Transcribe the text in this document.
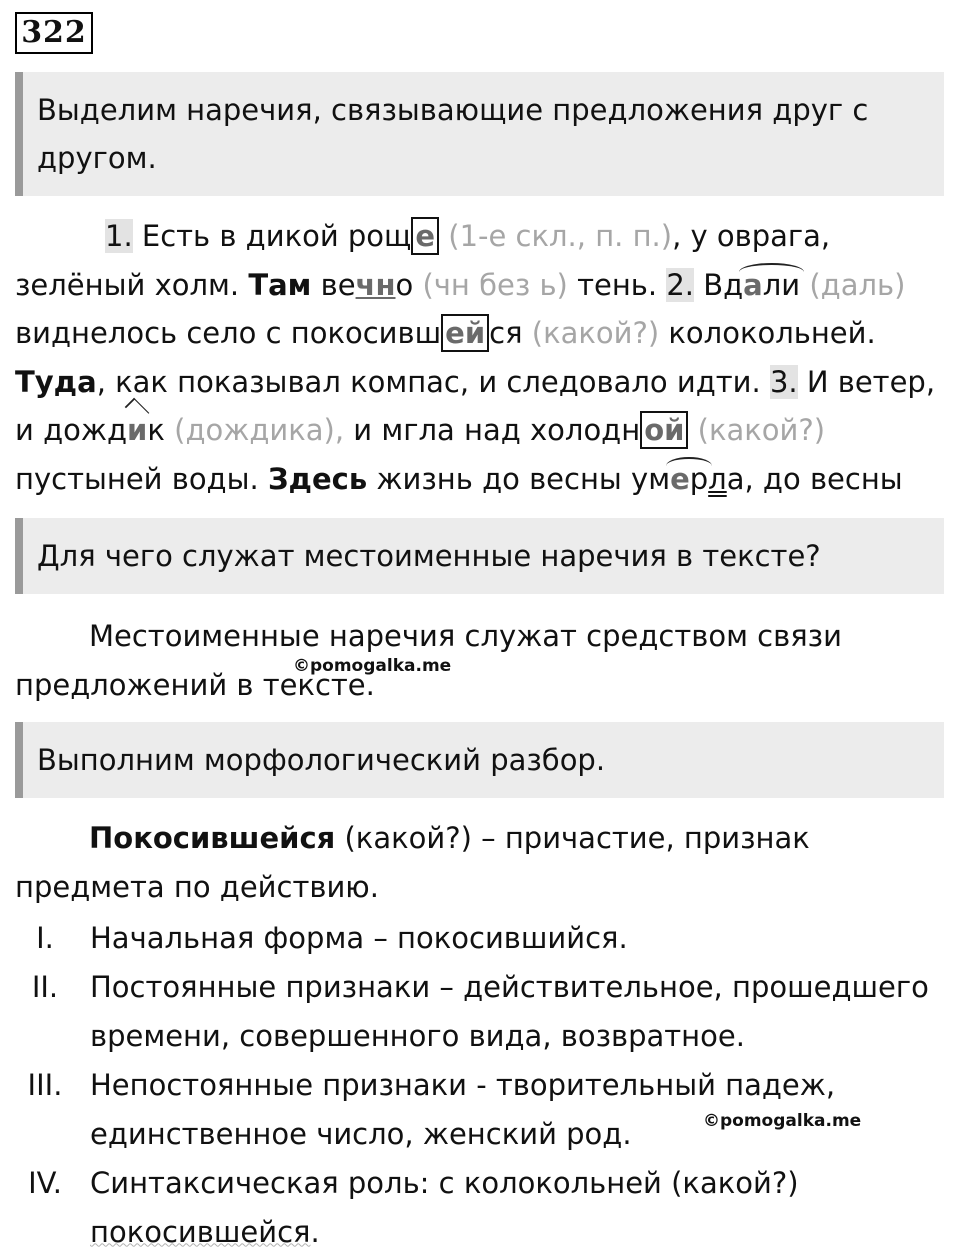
322
Выделим наречия, связывающие предложения друг с другом.
1. Есть в дикой рощ е (1-е скл., п. п.), у оврага, зелёный холм. Там вечно (чн без ь) тень. 2. Вдали (даль) виднелось село с покосивш ей ся (какой?) колокольней. Туда, как показывал компас, и следовало идти. 3. И ветер, и дождик (дождика), и мгла над холодн ой (какой?) пустыней воды. Здесь жизнь до весны умерла, до весны
Для чего служат местоименные наречия в тексте?
Местоименные наречия служат средством связи предложений в тексте.
©pomogalka.me
Выполним морфологический разбор.
Покосившейся (какой?) – причастие, признак предмета по действию.
I.	Начальная форма – покосившийся.
II.	Постоянные признаки – действительное, прошедшего времени, совершенного вида, возвратное.
III. Непостоянные признаки - творительный падеж, единственное число, женский род.	©pomogalka.me
IV. Синтаксическая роль: с колокольней (какой?) покосившейся.
